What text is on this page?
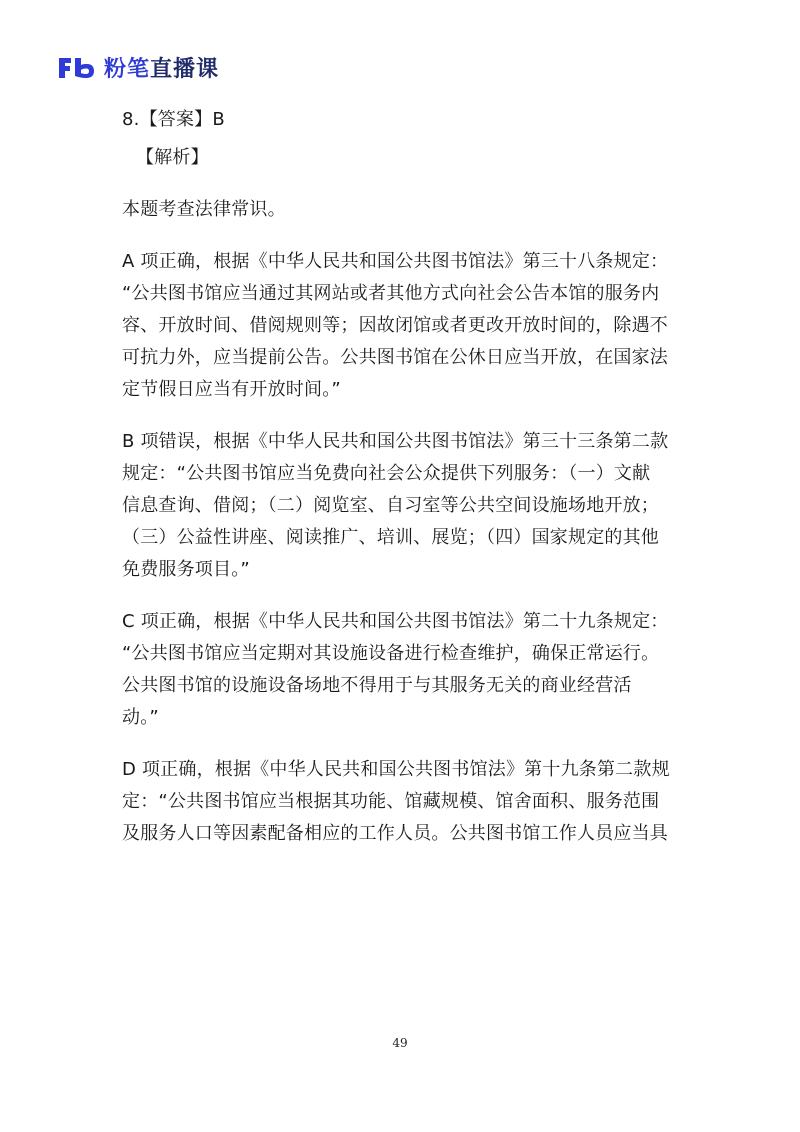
粉笔直播课
8.【答案】B
【解析】
本题考查法律常识。
A 项正确，根据《中华人民共和国公共图书馆法》第三十八条规定：
“公共图书馆应当通过其网站或者其他方式向社会公告本馆的服务内
容、开放时间、借阅规则等；因故闭馆或者更改开放时间的，除遇不
可抗力外，应当提前公告。公共图书馆在公休日应当开放，在国家法
定节假日应当有开放时间。”
B 项错误，根据《中华人民共和国公共图书馆法》第三十三条第二款
规定：“公共图书馆应当免费向社会公众提供下列服务：（一）文献
信息查询、借阅；（二）阅览室、自习室等公共空间设施场地开放；
（三）公益性讲座、阅读推广、培训、展览；（四）国家规定的其他
免费服务项目。”
C 项正确，根据《中华人民共和国公共图书馆法》第二十九条规定：
“公共图书馆应当定期对其设施设备进行检查维护，确保正常运行。
公共图书馆的设施设备场地不得用于与其服务无关的商业经营活
动。”
D 项正确，根据《中华人民共和国公共图书馆法》第十九条第二款规
定：“公共图书馆应当根据其功能、馆藏规模、馆舍面积、服务范围
及服务人口等因素配备相应的工作人员。公共图书馆工作人员应当具
49
